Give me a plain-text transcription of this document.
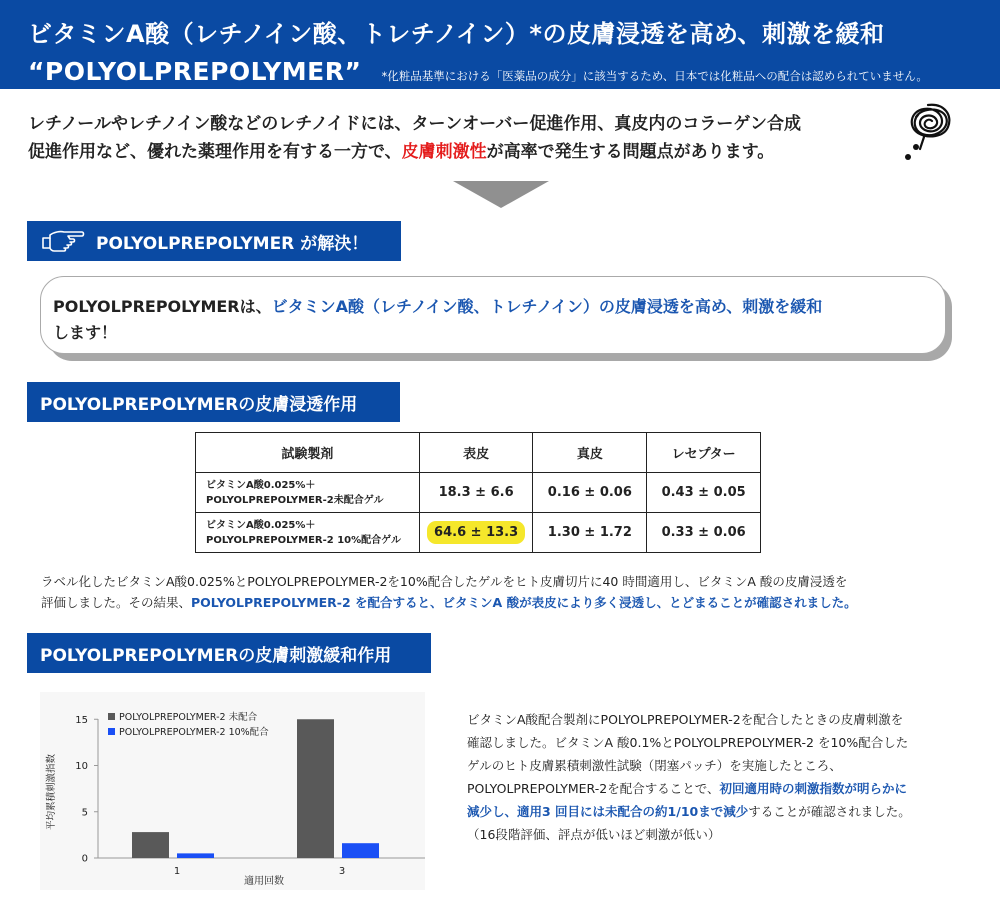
ビタミンA酸（レチノイン酸、トレチノイン）*の皮膚浸透を高め、刺激を緩和
“POLYOLPREPOLYMER” *化粧品基準における「医薬品の成分」に該当するため、日本では化粧品への配合は認められていません。
レチノールやレチノイン酸などのレチノイドには、ターンオーバー促進作用、真皮内のコラーゲン合成
促進作用など、優れた薬理作用を有する一方で、皮膚刺激性が高率で発生する問題点があります。
POLYOLPREPOLYMER が解決！
POLYOLPREPOLYMERは、ビタミンA酸（レチノイン酸、トレチノイン）の皮膚浸透を高め、刺激を緩和
します！
POLYOLPREPOLYMERの皮膚浸透作用
試験製剤	表皮	真皮	レセプター

ビタミンA酸0.025%＋
POLYOLPREPOLYMER-2未配合ゲル	18.3 ± 6.6	0.16 ± 0.06	0.43 ± 0.05

ビタミンA酸0.025%＋
POLYOLPREPOLYMER-2 10%配合ゲル	64.6 ± 13.3	1.30 ± 1.72	0.33 ± 0.06
ラベル化したビタミンA酸0.025%とPOLYOLPREPOLYMER-2を10%配合したゲルをヒト皮膚切片に40 時間適用し、ビタミンA 酸の皮膚浸透を
評価しました。その結果、POLYOLPREPOLYMER-2 を配合すると、ビタミンA 酸が表皮により多く浸透し、とどまることが確認されました。
POLYOLPREPOLYMERの皮膚刺激緩和作用
平均累積刺激指数
適用回数
0
5
10
15
1	3
POLYOLPREPOLYMER-2 未配合
POLYOLPREPOLYMER-2 10%配合
ビタミンA酸配合製剤にPOLYOLPREPOLYMER-2を配合したときの皮膚刺激を
確認しました。ビタミンA 酸0.1%とPOLYOLPREPOLYMER-2 を10%配合した
ゲルのヒト皮膚累積刺激性試験（閉塞パッチ）を実施したところ、
POLYOLPREPOLYMER-2を配合することで、初回適用時の刺激指数が明らかに
減少し、適用3 回目には未配合の約1/10まで減少することが確認されました。
（16段階評価、評点が低いほど刺激が低い）
